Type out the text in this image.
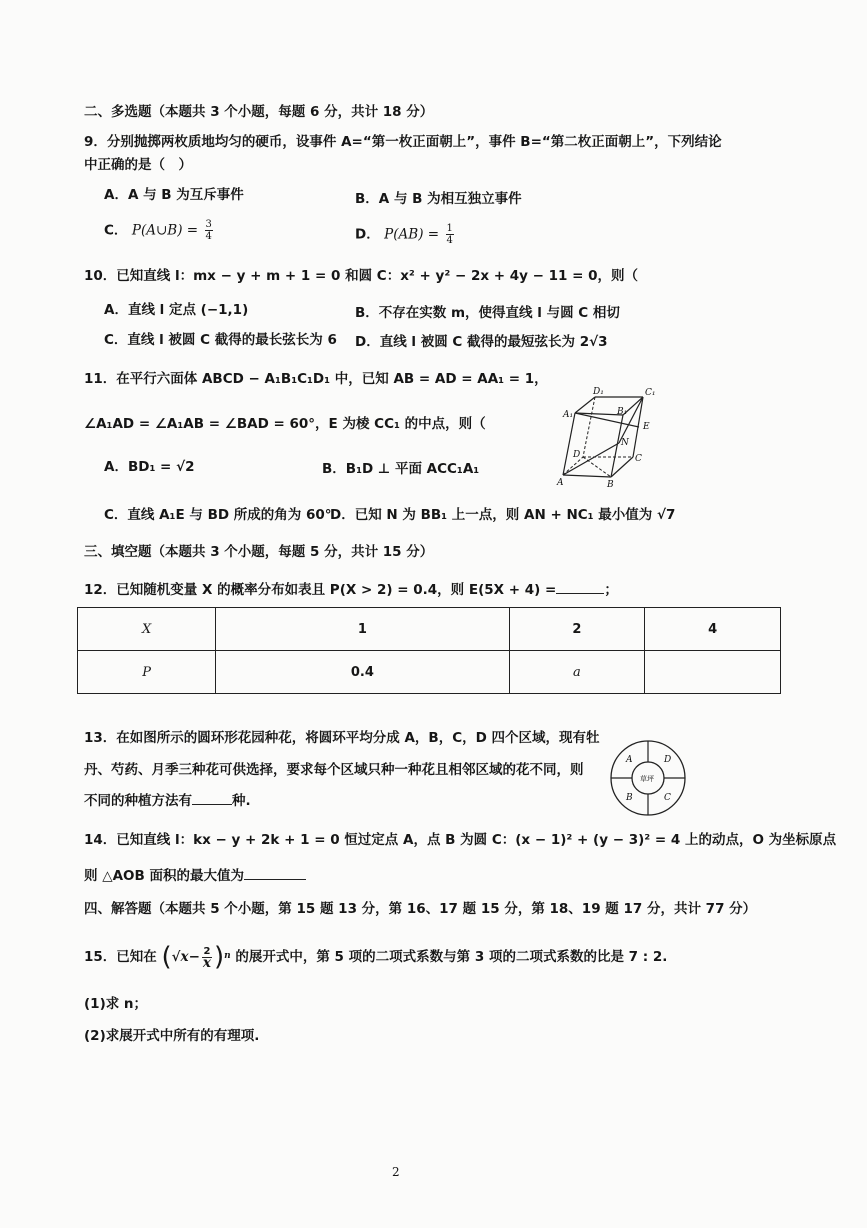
二、多选题（本题共 3 个小题，每题 6 分，共计 18 分）
9．分别抛掷两枚质地均匀的硬币，设事件 A=“第一枚正面朝上”，事件 B=“第二枚正面朝上”，下列结论
中正确的是（　）
A．A 与 B 为互斥事件	B．A 与 B 为相互独立事件
C． P(A∪B) = $\frac{3}{4}$	D． $P(AB) = \frac{1}{4}$
10．已知直线 l：mx − y + m + 1 = 0 和圆 C：x² + y² − 2x + 4y − 11 = 0，则（
A．直线 l 定点 (−1,1)	B．不存在实数 m，使得直线 l 与圆 C 相切
C．直线 l 被圆 C 截得的最长弦长为 6 D．直线 l 被圆 C 截得的最短弦长为 2√3
11．在平行六面体 ABCD − A₁B₁C₁D₁ 中，已知 AB = AD = AA₁ = 1，
∠A₁AD = ∠A₁AB = ∠BAD = 60°，E 为棱 CC₁ 的中点，则（
A．BD₁ = √2	B．B₁D ⊥ 平面 ACC₁A₁
C．直线 A₁E 与 BD 所成的角为 60°
D．已知 N 为 BB₁ 上一点，则 AN + NC₁ 最小值为 √7
D₁	C₁
A₁	B₁
E
N
D	C
A	B
三、填空题（本题共 3 个小题，每题 5 分，共计 15 分）
12．已知随机变量 X 的概率分布如表且 P(X > 2) = 0.4，则 E(5X + 4) =	；
X	1	2	4
P	0.4	a	
13．在如图所示的圆环形花园种花，将圆环平均分成 A，B，C，D 四个区域，现有牡
丹、芍药、月季三种花可供选择，要求每个区域只种一种花且相邻区域的花不同，则
不同的种植方法有	种.
A	D
B	C
草坪
14．已知直线 l：kx − y + 2k + 1 = 0 恒过定点 A，点 B 为圆 C：(x − 1)² + (y − 3)² = 4 上的动点，O 为坐标原点
则 △AOB 面积的最大值为
四、解答题（本题共 5 个小题，第 15 题 13 分，第 16、17 题 15 分，第 18、19 题 17 分，共计 77 分）
15．已知在 $(√x- \frac{2}{x} )^n$ 的展开式中，第 5 项的二项式系数与第 3 项的二项式系数的比是 7 : 2.
(1)求 n；
(2)求展开式中所有的有理项.
2
